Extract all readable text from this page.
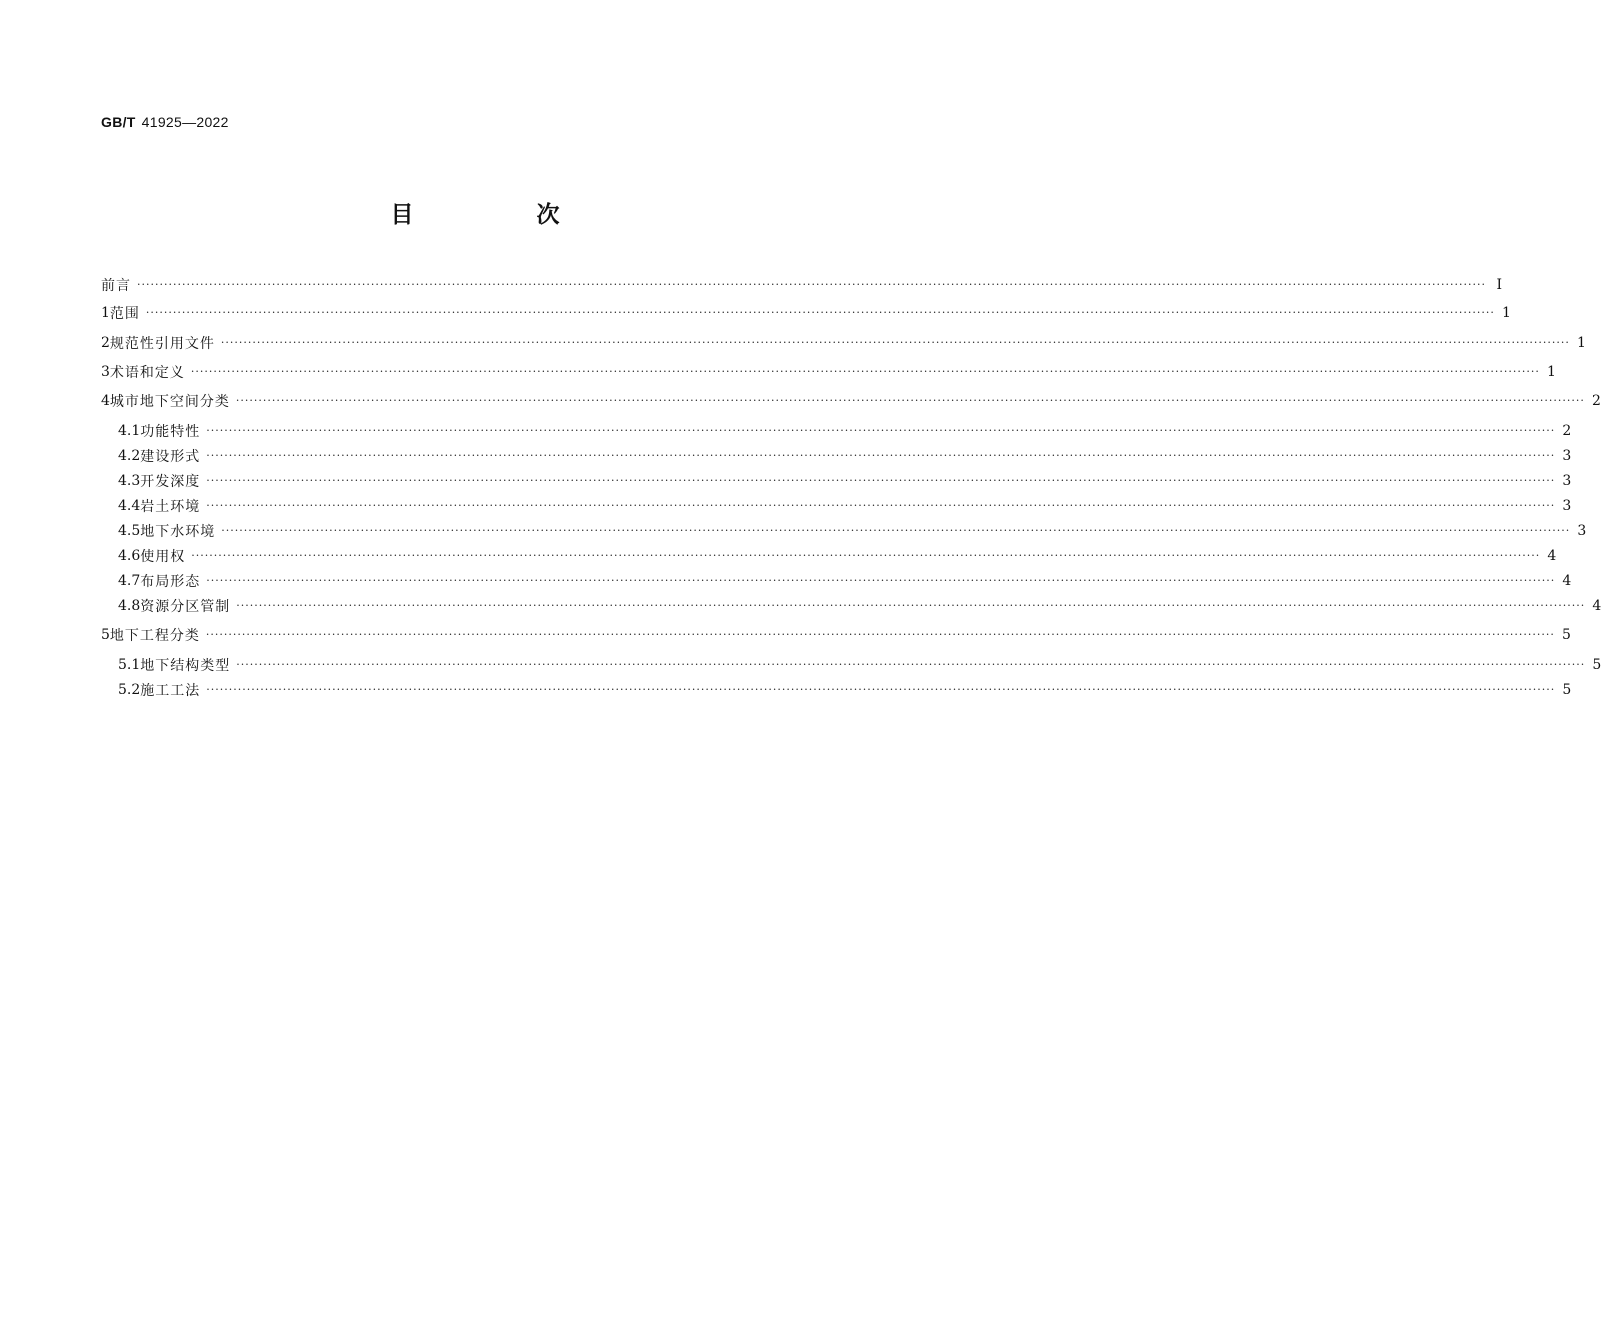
GB/T 41925—2022
目　次
前言 ············································································································································································································································································································ Ⅰ
1 范围 ············································································································································································································································································································ 1
2 规范性引用文件 ············································································································································································································································································································ 1
3 术语和定义 ············································································································································································································································································································ 1
4 城市地下空间分类 ············································································································································································································································································································ 2
4.1 功能特性 ············································································································································································································································································································ 2
4.2 建设形式 ············································································································································································································································································································ 3
4.3 开发深度 ············································································································································································································································································································ 3
4.4 岩土环境 ············································································································································································································································································································ 3
4.5 地下水环境 ············································································································································································································································································································ 3
4.6 使用权 ············································································································································································································································································································ 4
4.7 布局形态 ············································································································································································································································································································ 4
4.8 资源分区管制 ············································································································································································································································································································ 4
5 地下工程分类 ············································································································································································································································································································ 5
5.1 地下结构类型 ············································································································································································································································································································ 5
5.2 施工工法 ············································································································································································································································································································ 5
